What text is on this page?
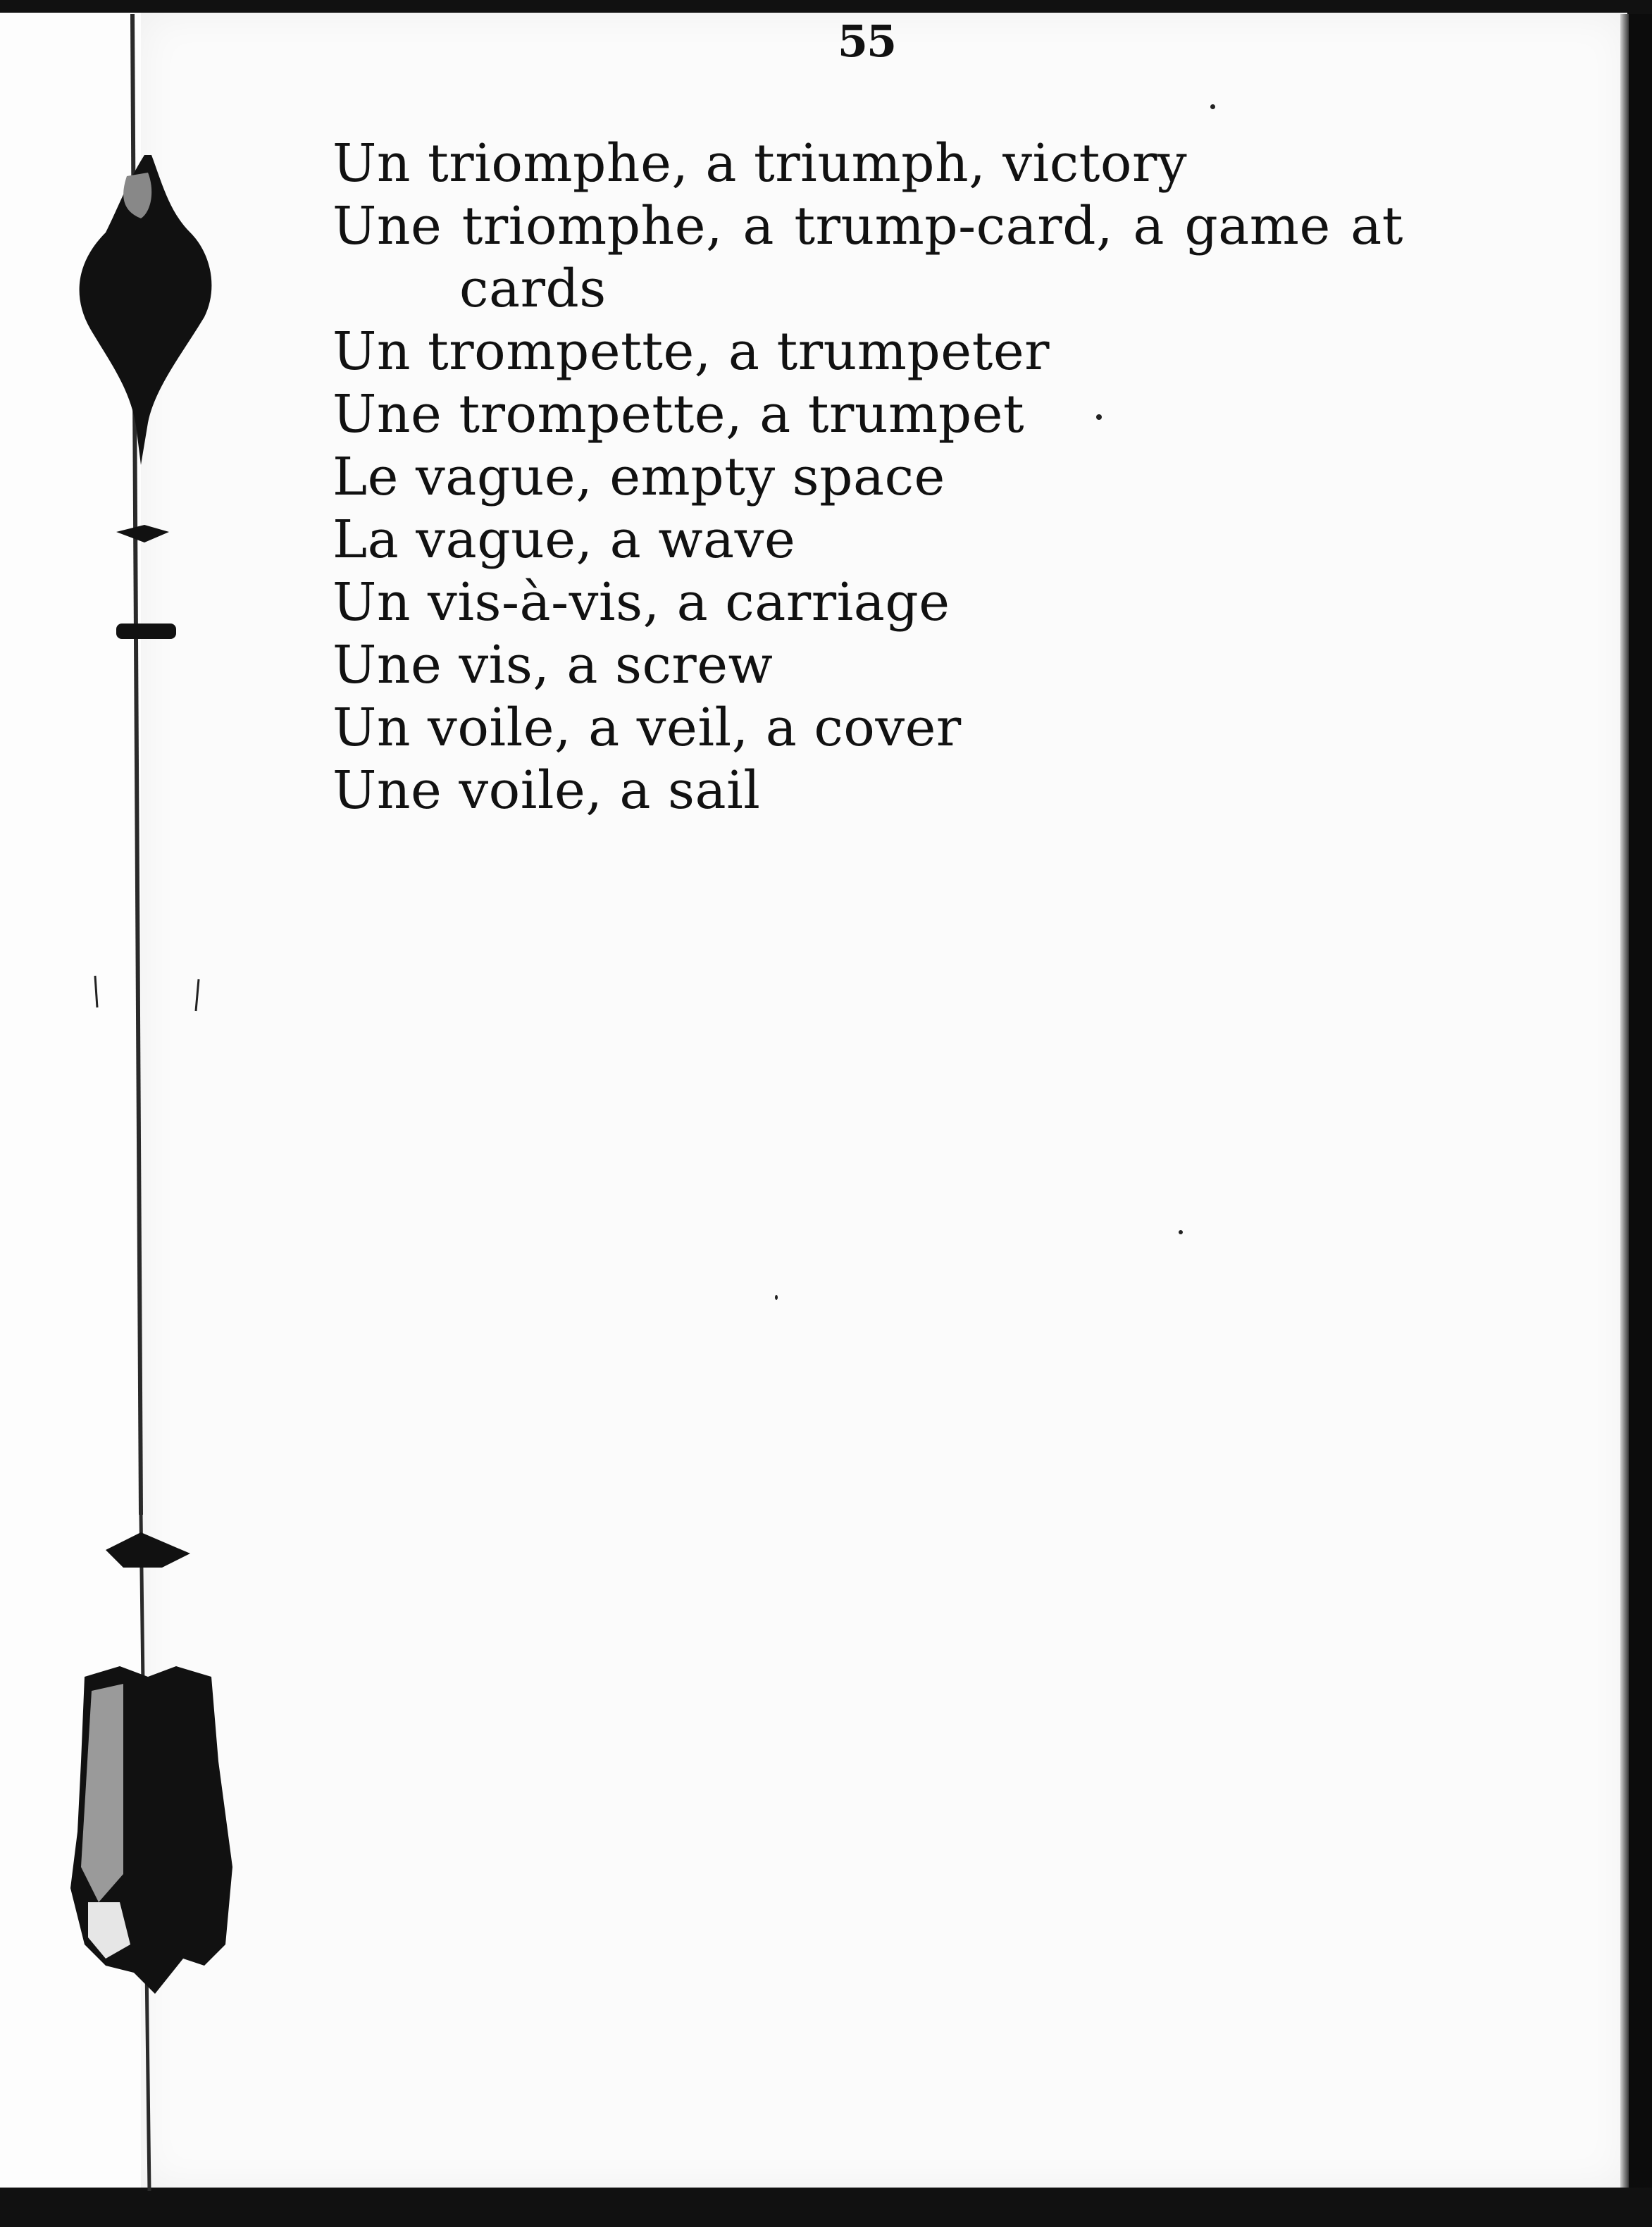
55
Un triomphe, a triumph, victory
Une triomphe, a trump-card, a game at
cards
Un trompette, a trumpeter
Une trompette, a trumpet
Le vague, empty space
La vague, a wave
Un vis-à-vis, a carriage
Une vis, a screw
Un voile, a veil, a cover
Une voile, a sail
